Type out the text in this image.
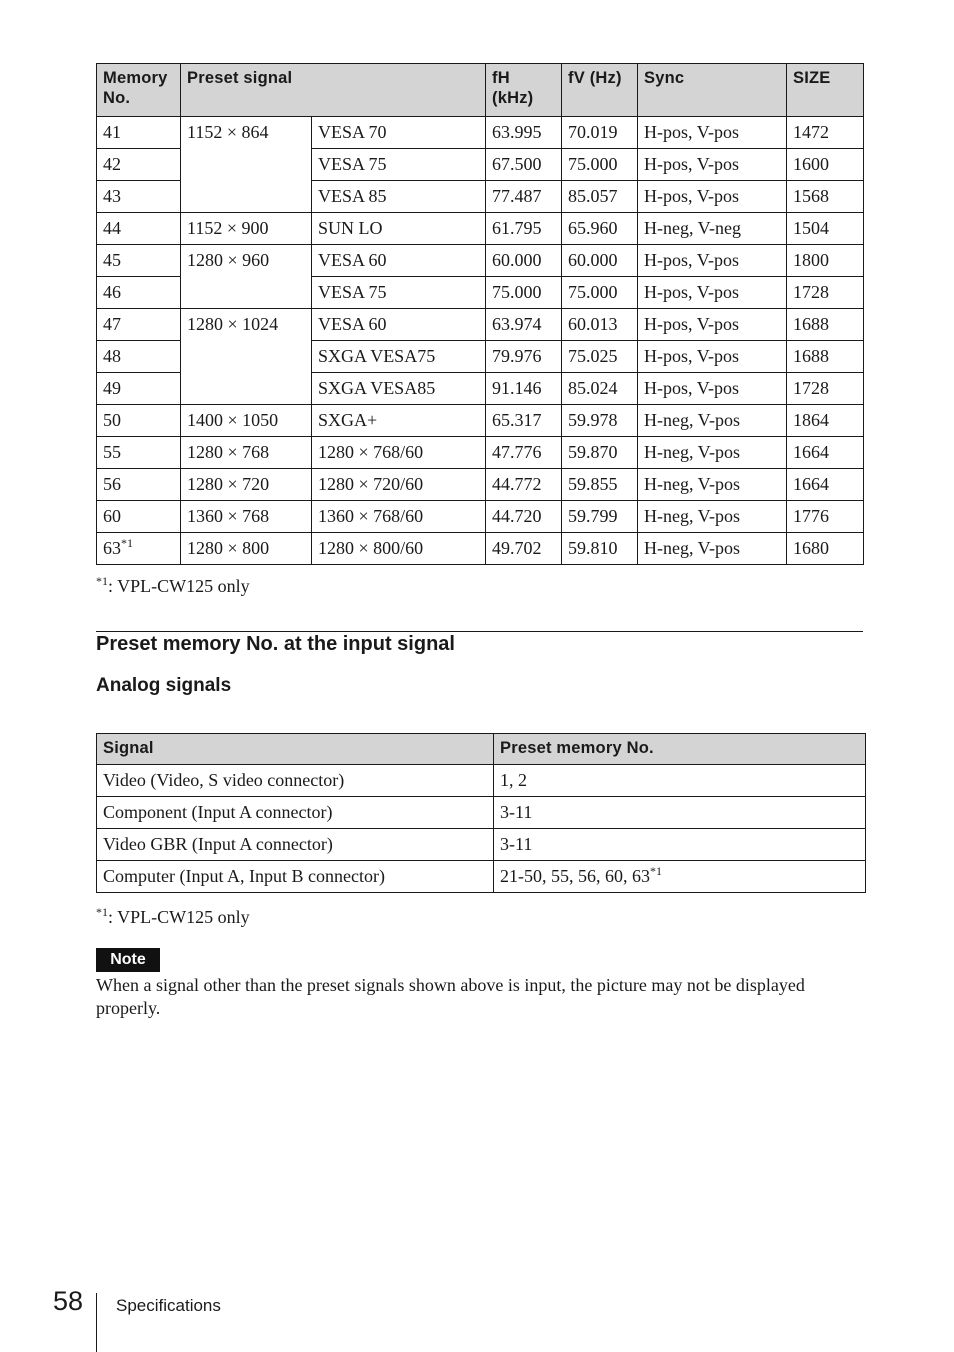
Memory No.	Preset signal		fH (kHz)	fV (Hz)	Sync	SIZE
41	1152 × 864	VESA 70	63.995	70.019	H-pos, V-pos	1472
42		VESA 75	67.500	75.000	H-pos, V-pos	1600
43		VESA 85	77.487	85.057	H-pos, V-pos	1568
44	1152 × 900	SUN LO	61.795	65.960	H-neg, V-neg	1504
45	1280 × 960	VESA 60	60.000	60.000	H-pos, V-pos	1800
46		VESA 75	75.000	75.000	H-pos, V-pos	1728
47	1280 × 1024	VESA 60	63.974	60.013	H-pos, V-pos	1688
48		SXGA VESA75	79.976	75.025	H-pos, V-pos	1688
49		SXGA VESA85	91.146	85.024	H-pos, V-pos	1728
50	1400 × 1050	SXGA+	65.317	59.978	H-neg, V-pos	1864
55	1280 × 768	1280 × 768/60	47.776	59.870	H-neg, V-pos	1664
56	1280 × 720	1280 × 720/60	44.772	59.855	H-neg, V-pos	1664
60	1360 × 768	1360 × 768/60	44.720	59.799	H-neg, V-pos	1776
63$^{*1}$	1280 × 800	1280 × 800/60	49.702	59.810	H-neg, V-pos	1680
$^{*1}$: VPL-CW125 only
Preset memory No. at the input signal
Analog signals
Signal	Preset memory No.
Video (Video, S video connector)	1, 2
Component (Input A connector)	3-11
Video GBR (Input A connector)	3-11
Computer (Input A, Input B connector)	21-50, 55, 56, 60, 63$^{*1}$
$^{*1}$: VPL-CW125 only
Note
When a signal other than the preset signals shown above is input, the picture may not be displayed properly.
58 Specifications
